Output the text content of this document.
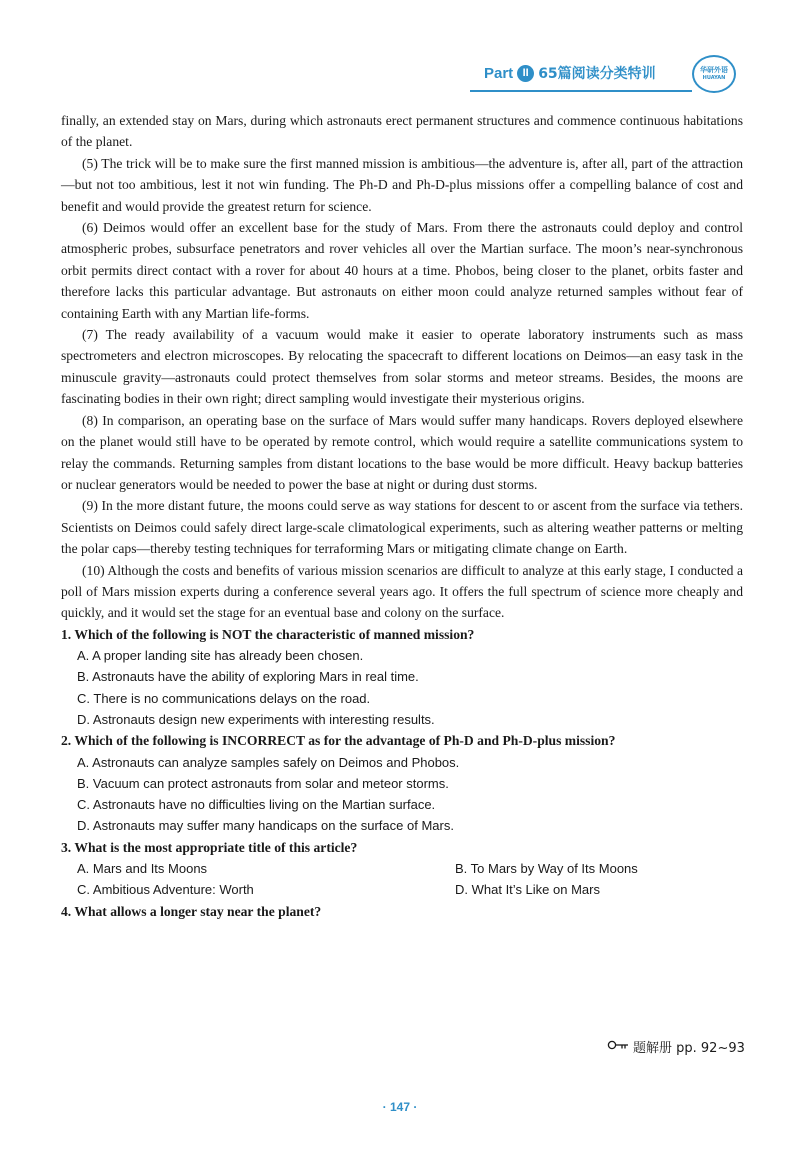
Part II 65篇阅读分类特训	华研外语
HUAYAN

finally, an extended stay on Mars, during which astronauts erect permanent structures and commence continuous habitations of the planet.

(5) The trick will be to make sure the first manned mission is ambitious—the adventure is, after all, part of the attraction—but not too ambitious, lest it not win funding. The Ph-D and Ph-D-plus missions offer a compelling balance of cost and benefit and would provide the greatest return for science.

(6) Deimos would offer an excellent base for the study of Mars. From there the astronauts could deploy and control atmospheric probes, subsurface penetrators and rover vehicles all over the Martian surface. The moon’s near-synchronous orbit permits direct contact with a rover for about 40 hours at a time. Phobos, being closer to the planet, orbits faster and therefore lacks this particular advantage. But astronauts on either moon could analyze returned samples without fear of containing Earth with any Martian life-forms.

(7) The ready availability of a vacuum would make it easier to operate laboratory instruments such as mass spectrometers and electron microscopes. By relocating the spacecraft to different locations on Deimos—an easy task in the minuscule gravity—astronauts could protect themselves from solar storms and meteor streams. Besides, the moons are fascinating bodies in their own right; direct sampling would investigate their mysterious origins.

(8) In comparison, an operating base on the surface of Mars would suffer many handicaps. Rovers deployed elsewhere on the planet would still have to be operated by remote control, which would require a satellite communications system to relay the commands. Returning samples from distant locations to the base would be more difficult. Heavy backup batteries or nuclear generators would be needed to power the base at night or during dust storms.

(9) In the more distant future, the moons could serve as way stations for descent to or ascent from the surface via tethers. Scientists on Deimos could safely direct large-scale climatological experiments, such as altering weather patterns or melting the polar caps—thereby testing techniques for terraforming Mars or mitigating climate change on Earth.

(10) Although the costs and benefits of various mission scenarios are difficult to analyze at this early stage, I conducted a poll of Mars mission experts during a conference several years ago. It offers the full spectrum of science more cheaply and quickly, and it would set the stage for an eventual base and colony on the surface.

1. Which of the following is NOT the characteristic of manned mission?

A. A proper landing site has already been chosen.

B. Astronauts have the ability of exploring Mars in real time.

C. There is no communications delays on the road.

D. Astronauts design new experiments with interesting results.

2. Which of the following is INCORRECT as for the advantage of Ph-D and Ph-D-plus mission?

A. Astronauts can analyze samples safely on Deimos and Phobos.

B. Vacuum can protect astronauts from solar and meteor storms.

C. Astronauts have no difficulties living on the Martian surface.

D. Astronauts may suffer many handicaps on the surface of Mars.

3. What is the most appropriate title of this article?

A. Mars and Its Moons	B. To Mars by Way of Its Moons

C. Ambitious Adventure: Worth	D. What It’s Like on Mars

4. What allows a longer stay near the planet?

题解册 pp. 92~93
· 147 ·
